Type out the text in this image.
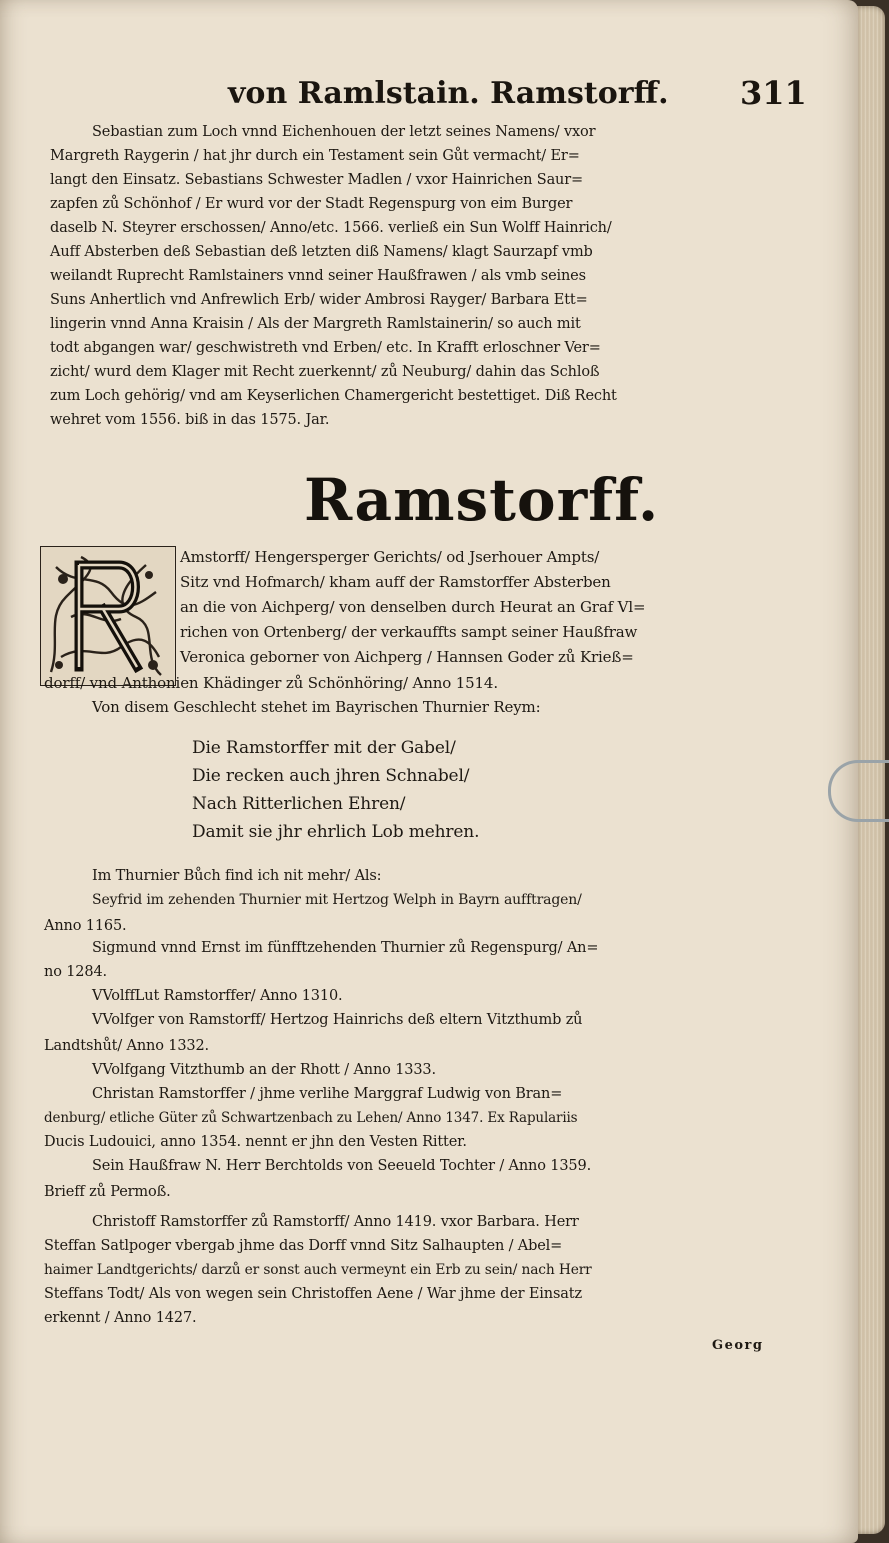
von Ramlstain. Ramstorff. 311
Sebastian zum Loch vnnd Eichenhouen der letzt seines Namens/ vxor
Margreth Raygerin / hat jhr durch ein Testament sein Gůt vermacht/ Er=
langt den Einsatz. Sebastians Schwester Madlen / vxor Hainrichen Saur=
zapfen zů Schönhof / Er wurd vor der Stadt Regenspurg von eim Burger
daselb N. Steyrer erschossen/ Anno/etc. 1566. verließ ein Sun Wolff Hainrich/
Auff Absterben deß Sebastian deß letzten diß Namens/ klagt Saurzapf vmb
weilandt Ruprecht Ramlstainers vnnd seiner Haußfrawen / als vmb seines
Suns Anhertlich vnd Anfrewlich Erb/ wider Ambrosi Rayger/ Barbara Ett=
lingerin vnnd Anna Kraisin / Als der Margreth Ramlstainerin/ so auch mit
todt abgangen war/ geschwistreth vnd Erben/ etc. In Krafft erloschner Ver=
zicht/ wurd dem Klager mit Recht zuerkennt/ zů Neuburg/ dahin das Schloß
zum Loch gehörig/ vnd am Keyserlichen Chamergericht bestettiget. Diß Recht
wehret vom 1556. biß in das 1575. Jar.
Ramstorff.
Amstorff/ Hengersperger Gerichts/ od Jserhouer Ampts/
Sitz vnd Hofmarch/ kham auff der Ramstorffer Absterben
an die von Aichperg/ von denselben durch Heurat an Graf Vl=
richen von Ortenberg/ der verkauffts sampt seiner Haußfraw
Veronica geborner von Aichperg / Hannsen Goder zů Krieß=
dorff/ vnd Anthonien Khädinger zů Schönhöring/ Anno 1514.
Von disem Geschlecht stehet im Bayrischen Thurnier Reym:
Die Ramstorffer mit der Gabel/
Die recken auch jhren Schnabel/
Nach Ritterlichen Ehren/
Damit sie jhr ehrlich Lob mehren.
Im Thurnier Bůch find ich nit mehr/ Als:
Seyfrid im zehenden Thurnier mit Hertzog Welph in Bayrn aufftragen/
Anno 1165.
Sigmund vnnd Ernst im fünfftzehenden Thurnier zů Regenspurg/ An=
no 1284.
VVolffLut Ramstorffer/ Anno 1310.
VVolfger von Ramstorff/ Hertzog Hainrichs deß eltern Vitzthumb zů
Landtshůt/ Anno 1332.
VVolfgang Vitzthumb an der Rhott / Anno 1333.
Christan Ramstorffer / jhme verlihe Marggraf Ludwig von Bran=
denburg/ etliche Güter zů Schwartzenbach zu Lehen/ Anno 1347. Ex Rapulariis
Ducis Ludouici, anno 1354. nennt er jhn den Vesten Ritter.
Sein Haußfraw N. Herr Berchtolds von Seeueld Tochter / Anno 1359.
Brieff zů Permoß.
Christoff Ramstorffer zů Ramstorff/ Anno 1419. vxor Barbara. Herr
Steffan Satlpoger vbergab jhme das Dorff vnnd Sitz Salhaupten / Abel=
haimer Landtgerichts/ darzů er sonst auch vermeynt ein Erb zu sein/ nach Herr
Steffans Todt/ Als von wegen sein Christoffen Aene / War jhme der Einsatz
erkennt / Anno 1427.
Georg
